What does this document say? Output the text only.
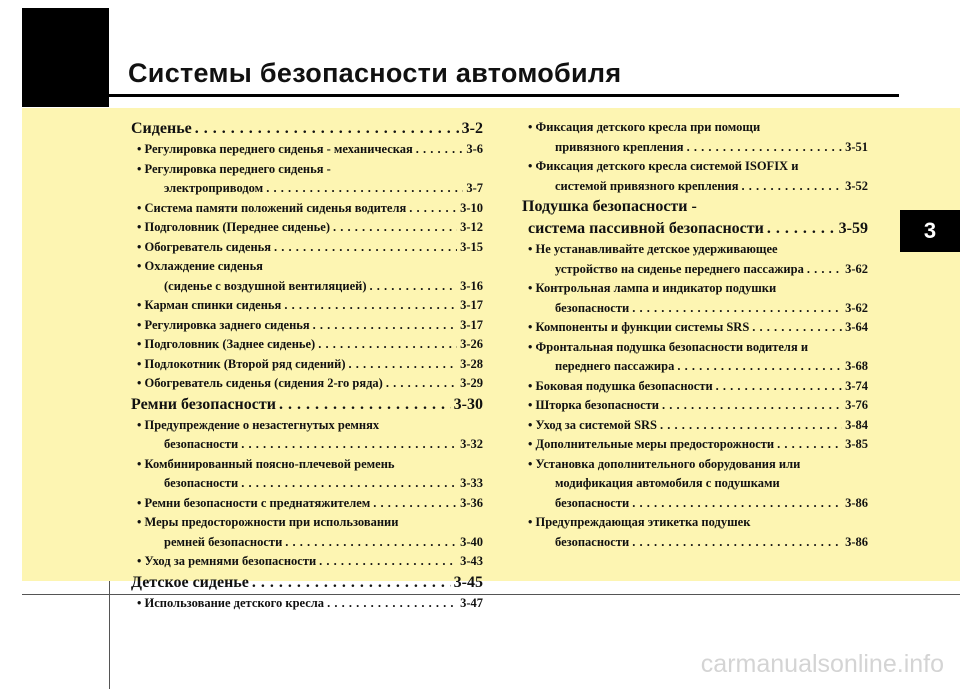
Системы безопасности автомобиля
3
Сиденье . . .	3-2
• Регулировка переднего сиденья - механическая . . .	3-6
• Регулировка переднего сиденья -
электроприводом . . .	3-7
• Система памяти положений сиденья водителя . . .	3-10
• Подголовник (Переднее сиденье) . . .	3-12
• Обогреватель сиденья . . .	3-15
• Охлаждение сиденья
(сиденье с воздушной вентиляцией) . . .	3-16
• Карман спинки сиденья . . .	3-17
• Регулировка заднего сиденья . . .	3-17
• Подголовник (Заднее сиденье) . . .	3-26
• Подлокотник (Второй ряд сидений) . . .	3-28
• Обогреватель сиденья (сидения 2-го ряда) . . .	3-29
Ремни безопасности . . .	3-30
• Предупреждение о незастегнутых ремнях
безопасности . . .	3-32
• Комбинированный поясно-плечевой ремень
безопасности . . .	3-33
• Ремни безопасности с преднатяжителем . . .	3-36
• Меры предосторожности при использовании
ремней безопасности . . .	3-40
• Уход за ремнями безопасности . . .	3-43
Детское сиденье . . .	3-45
• Использование детского кресла . . .	3-47
• Фиксация детского кресла при помощи
привязного крепления . . .	3-51
• Фиксация детского кресла системой ISOFIX и
системой привязного крепления . . .	3-52
Подушка безопасности -
система пассивной безопасности . . .	3-59
• Не устанавливайте детское удерживающее
устройство на сиденье переднего пассажира . . .	3-62
• Контрольная лампа и индикатор подушки
безопасности . . .	3-62
• Компоненты и функции системы SRS . . .	3-64
• Фронтальная подушка безопасности водителя и
переднего пассажира . . .	3-68
• Боковая подушка безопасности . . .	3-74
• Шторка безопасности . . .	3-76
• Уход за системой SRS . . .	3-84
• Дополнительные меры предосторожности . . .	3-85
• Установка дополнительного оборудования или
модификация автомобиля с подушками
безопасности . . .	3-86
• Предупреждающая этикетка подушек
безопасности . . .	3-86
carmanualsonline.info
